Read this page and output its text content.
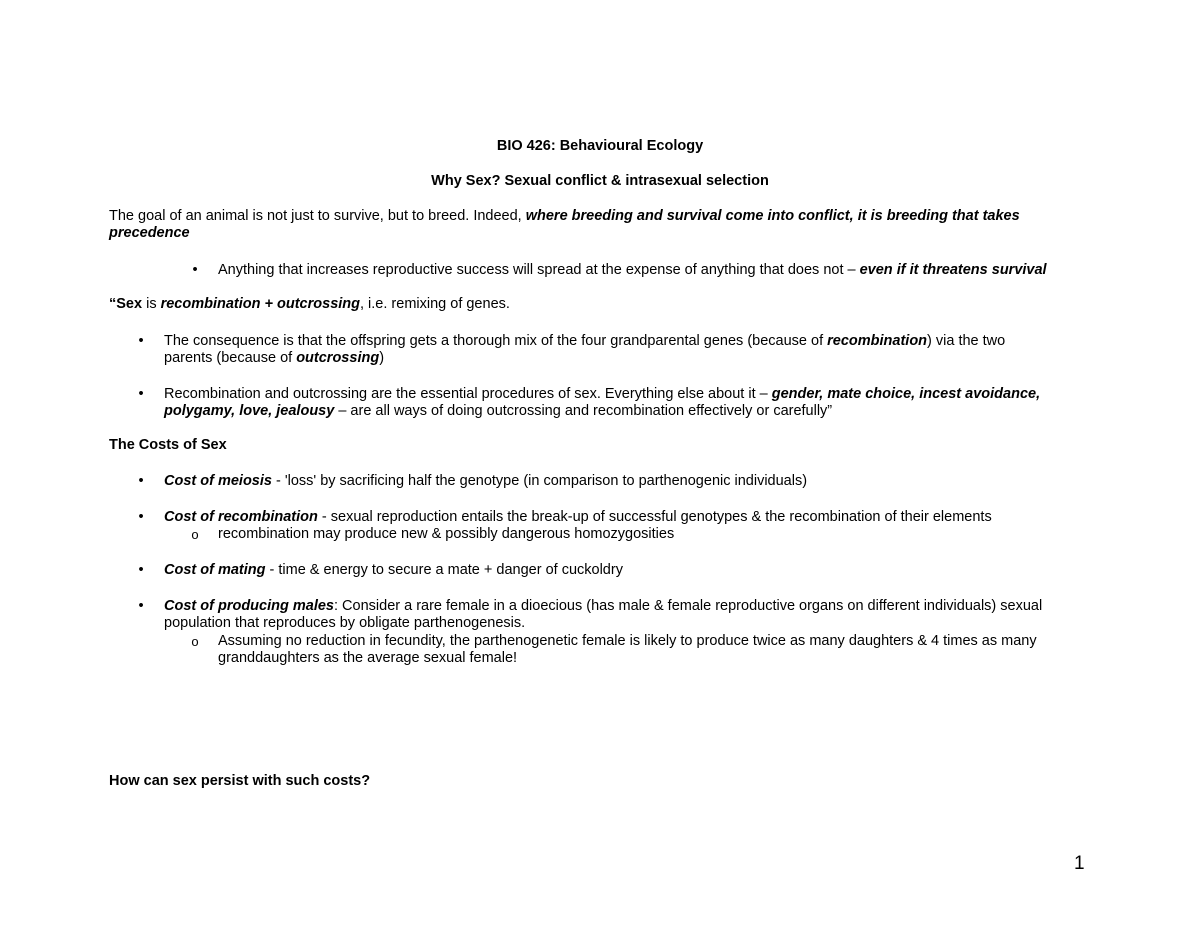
BIO 426: Behavioural Ecology
Why Sex? Sexual conflict & intrasexual selection
The goal of an animal is not just to survive, but to breed. Indeed, where breeding and survival come into conflict, it is breeding that takes precedence
• Anything that increases reproductive success will spread at the expense of anything that does not – even if it threatens survival
“Sex is recombination + outcrossing, i.e. remixing of genes.
• The consequence is that the offspring gets a thorough mix of the four grandparental genes (because of recombination) via the two
parents (because of outcrossing)
• Recombination and outcrossing are the essential procedures of sex. Everything else about it – gender, mate choice, incest avoidance,
polygamy, love, jealousy – are all ways of doing outcrossing and recombination effectively or carefully”
The Costs of Sex
• Cost of meiosis - 'loss' by sacrificing half the genotype (in comparison to parthenogenic individuals)
• Cost of recombination - sexual reproduction entails the break-up of successful genotypes & the recombination of their elements
o recombination may produce new & possibly dangerous homozygosities
• Cost of mating - time & energy to secure a mate + danger of cuckoldry
• Cost of producing males: Consider a rare female in a dioecious (has male & female reproductive organs on different individuals) sexual
population that reproduces by obligate parthenogenesis.
o Assuming no reduction in fecundity, the parthenogenetic female is likely to produce twice as many daughters & 4 times as many
granddaughters as the average sexual female!
How can sex persist with such costs?
1
